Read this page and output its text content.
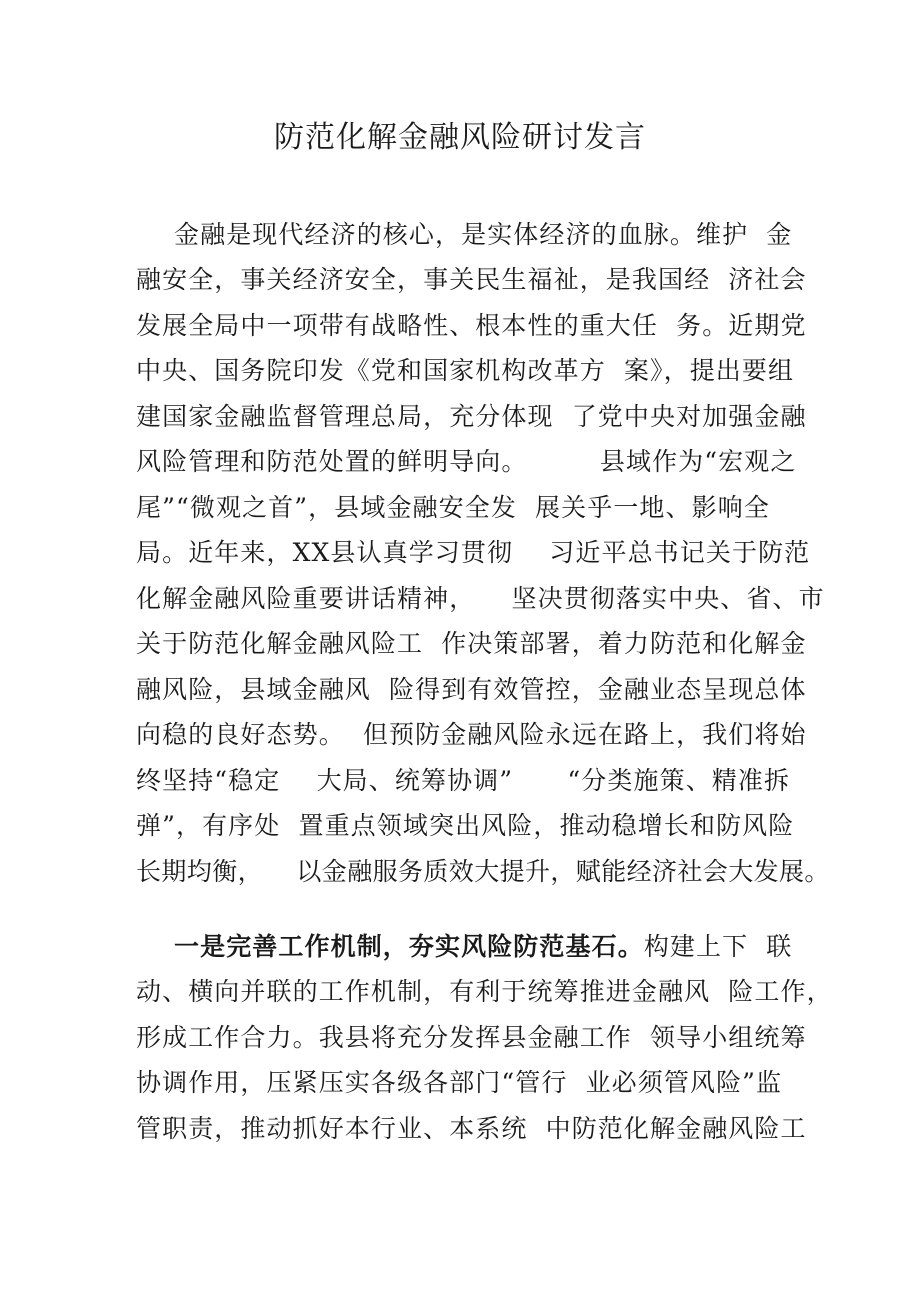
防范化解金融风险研讨发言
金融是现代经济的核心，是实体经济的血脉。维护  金
融安全，事关经济安全，事关民生福祉，是我国经  济社会
发展全局中一项带有战略性、根本性的重大任  务。近期党
中央、国务院印发《党和国家机构改革方  案》，提出要组
建国家金融监督管理总局，充分体现  了党中央对加强金融
风险管理和防范处置的鲜明导向。        县域作为“宏观之
尾”“微观之首”，县域金融安全发  展关乎一地、影响全
局。近年来，XX县认真学习贯彻    习近平总书记关于防范
化解金融风险重要讲话精神，    坚决贯彻落实中央、省、市
关于防范化解金融风险工  作决策部署，着力防范和化解金
融风险，县域金融风  险得到有效管控，金融业态呈现总体
向稳的良好态势。  但预防金融风险永远在路上，我们将始
终坚持“稳定    大局、统筹协调”      “分类施策、精准拆
弹”，有序处  置重点领域突出风险，推动稳增长和防风险
长期均衡，    以金融服务质效大提升，赋能经济社会大发展。
一是完善工作机制，夯实风险防范基石。构建上下  联
动、横向并联的工作机制，有利于统筹推进金融风  险工作，
形成工作合力。我县将充分发挥县金融工作  领导小组统筹
协调作用，压紧压实各级各部门“管行  业必须管风险”监
管职责，推动抓好本行业、本系统  中防范化解金融风险工
